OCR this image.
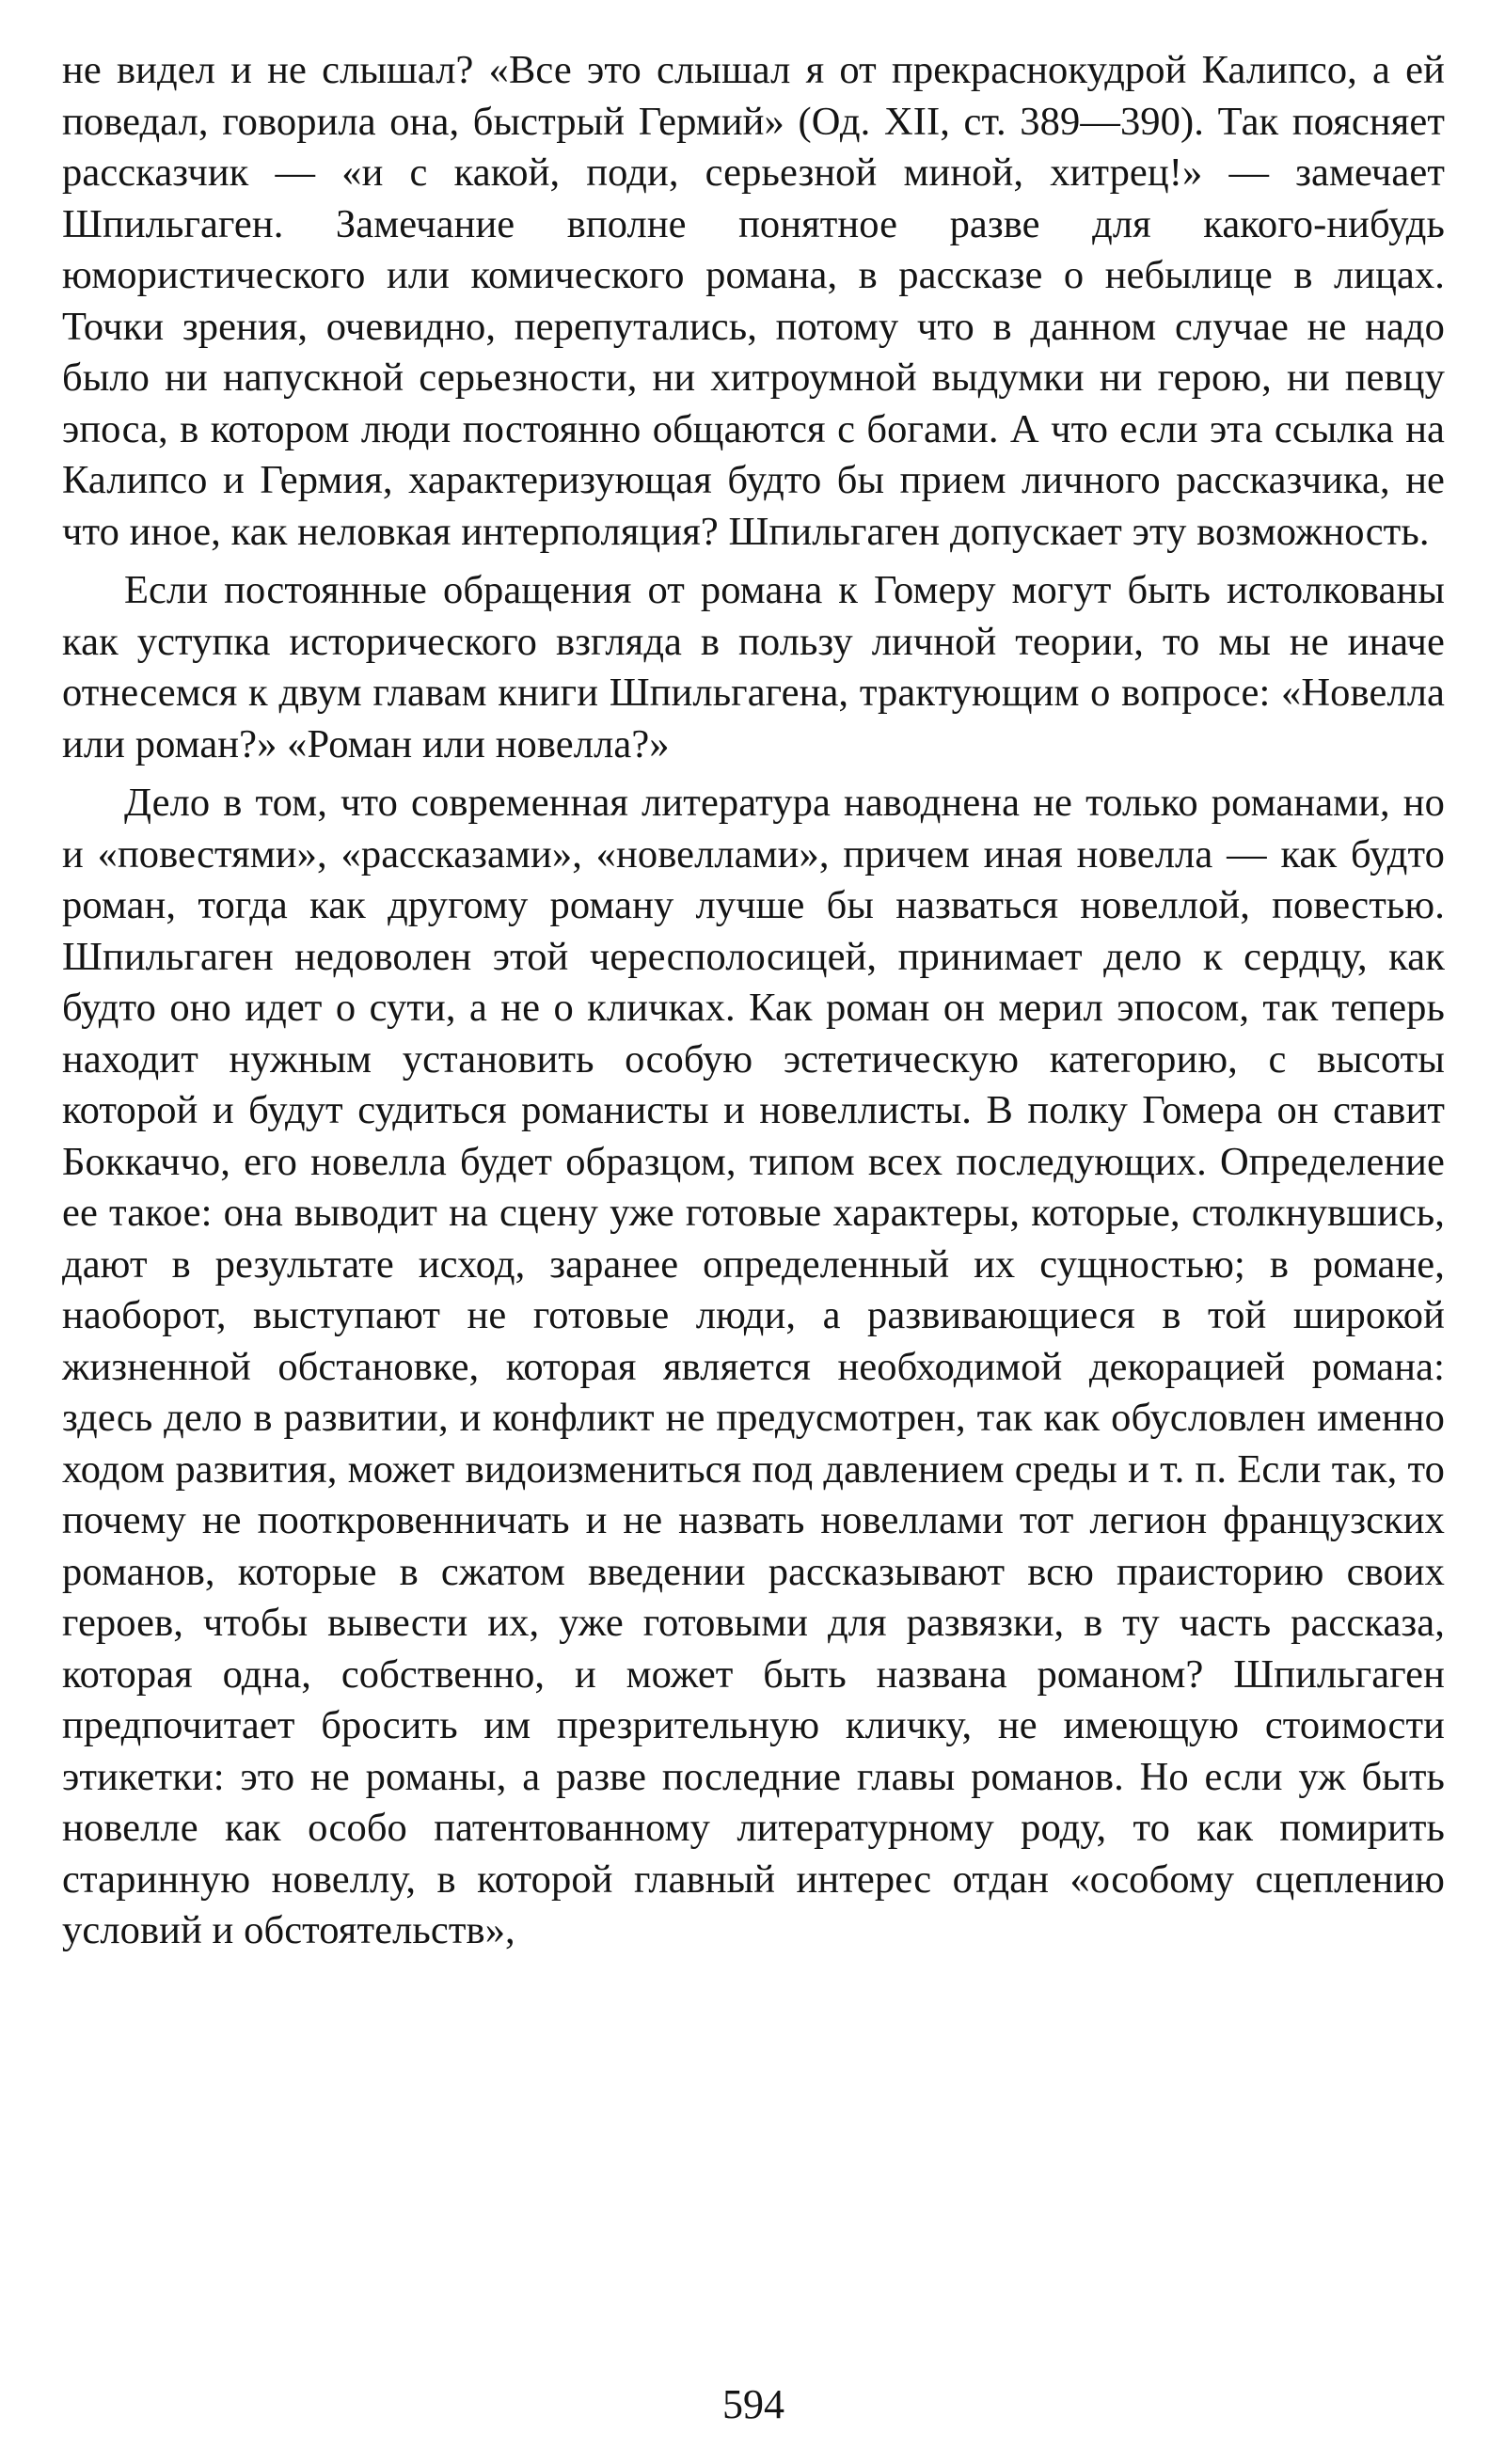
не видел и не слышал? «Все это слышал я от прекраснокудрой Калипсо, а ей поведал, говорила она, быстрый Гермий» (Од. XII, ст. 389—390). Так поясняет рассказчик — «и с какой, поди, серьезной миной, хитрец!» — замечает Шпильгаген. Замечание вполне понятное разве для какого-нибудь юмористического или комического романа, в рассказе о небылице в лицах. Точки зрения, очевидно, перепутались, потому что в данном случае не надо было ни напускной серьезности, ни хитроумной выдумки ни герою, ни певцу эпоса, в котором люди постоянно общаются с богами. А что если эта ссылка на Калипсо и Гермия, характеризующая будто бы прием личного рассказчика, не что иное, как неловкая интерполяция? Шпильгаген допускает эту возможность.

Если постоянные обращения от романа к Гомеру могут быть истолкованы как уступка исторического взгляда в пользу личной теории, то мы не иначе отнесемся к двум главам книги Шпильгагена, трактующим о вопросе: «Новелла или роман?» «Роман или новелла?»

Дело в том, что современная литература наводнена не только романами, но и «повестями», «рассказами», «новеллами», причем иная новелла — как будто роман, тогда как другому роману лучше бы назваться новеллой, повестью. Шпильгаген недоволен этой чересполосицей, принимает дело к сердцу, как будто оно идет о сути, а не о кличках. Как роман он мерил эпосом, так теперь находит нужным установить особую эстетическую категорию, с высоты которой и будут судиться романисты и новеллисты. В полку Гомера он ставит Боккаччо, его новелла будет образцом, типом всех последующих. Определение ее такое: она выводит на сцену уже готовые характеры, которые, столкнувшись, дают в результате исход, заранее определенный их сущностью; в романе, наоборот, выступают не готовые люди, а развивающиеся в той широкой жизненной обстановке, которая является необходимой декорацией романа: здесь дело в развитии, и конфликт не предусмотрен, так как обусловлен именно ходом развития, может видоизмениться под давлением среды и т. п. Если так, то почему не пооткровенничать и не назвать новеллами тот легион французских романов, которые в сжатом введении рассказывают всю праисторию своих героев, чтобы вывести их, уже готовыми для развязки, в ту часть рассказа, которая одна, собственно, и может быть названа романом? Шпильгаген предпочитает бросить им презрительную кличку, не имеющую стоимости этикетки: это не романы, а разве последние главы романов. Но если уж быть новелле как особо патентованному литературному роду, то как помирить старинную новеллу, в которой главный интерес отдан «особому сцеплению условий и обстоятельств»,

594
